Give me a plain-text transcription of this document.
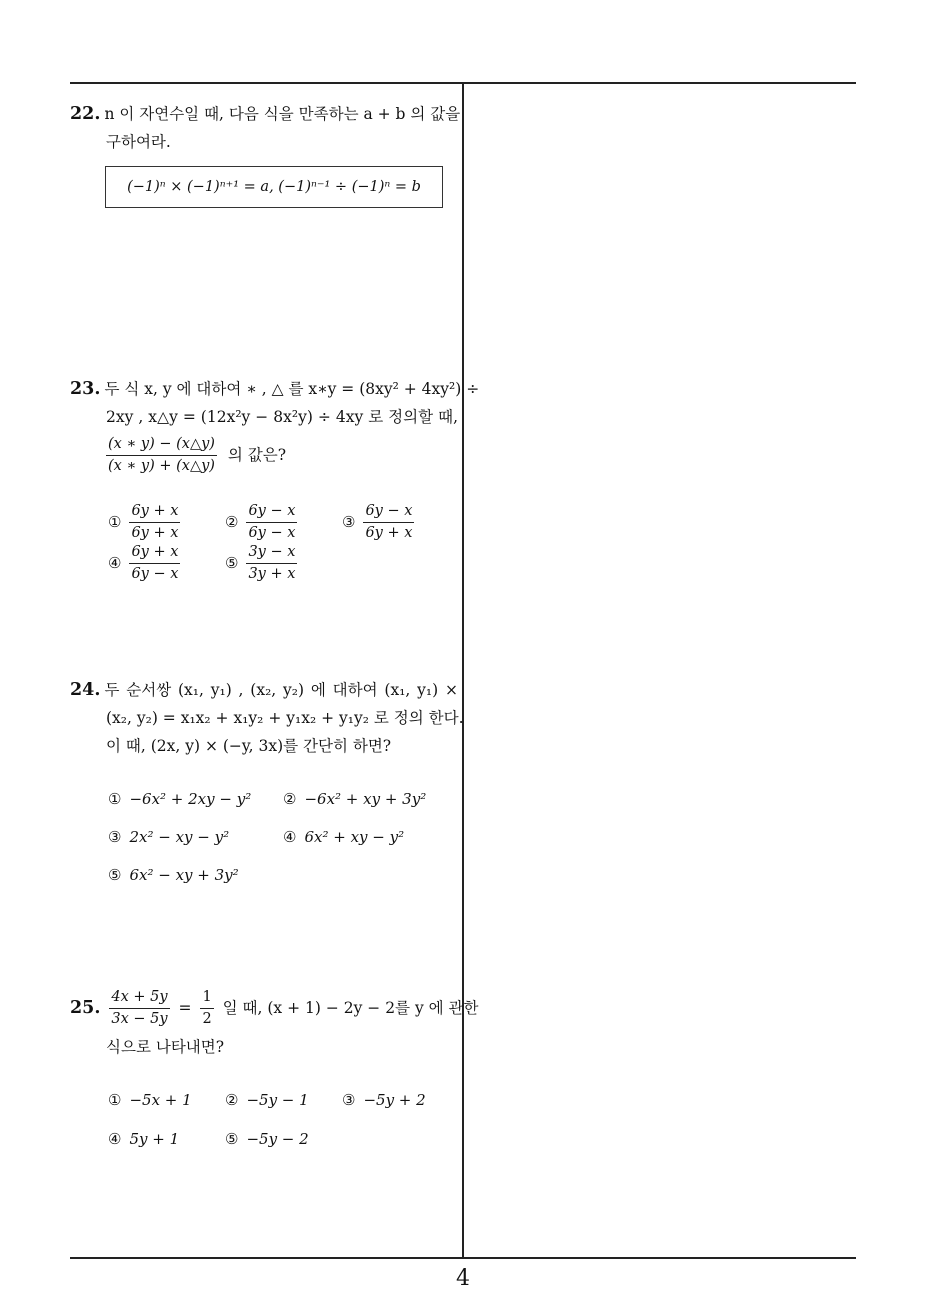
22. n 이 자연수일 때, 다음 식을 만족하는 a + b 의 값을
구하여라.
(−1)ⁿ × (−1)ⁿ⁺¹ = a, (−1)ⁿ⁻¹ ÷ (−1)ⁿ = b
23. 두 식 x, y 에 대하여 ∗ , △ 를 x∗y = (8xy² + 4xy²) ÷
2xy , x△y = (12x²y − 8x²y) ÷ 4xy 로 정의할 때,
$\frac{(x ∗ y) - (x\triangle y)}{(x ∗ y) + (x\triangle y)}$ 의 값은?
① $\frac{6y + x}{6y + x}$	② $\frac{6y - x}{6y - x}$	③ $\frac{6y - x}{6y + x}$
④ $\frac{6y + x}{6y - x}$	⑤ $\frac{3y - x}{3y + x}$
24. 두 순서쌍 (x₁, y₁) , (x₂, y₂) 에 대하여 (x₁, y₁) ×
(x₂, y₂) = x₁x₂ + x₁y₂ + y₁x₂ + y₁y₂ 로 정의 한다.
이 때, (2x, y) × (−y, 3x)를 간단히 하면?
① −6x² + 2xy − y² ② −6x² + xy + 3y²
③ 2x² − xy − y²	④ 6x² + xy − y²
⑤ 6x² − xy + 3y²
25. $\frac{4x + 5y}{3x - 5y} = \frac{1}{2}$ 일 때, (x + 1) − 2y − 2를 y 에 관한
식으로 나타내면?
① −5x + 1 ② −5y − 1 ③ −5y + 2
④ 5y + 1	⑤ −5y − 2
4
